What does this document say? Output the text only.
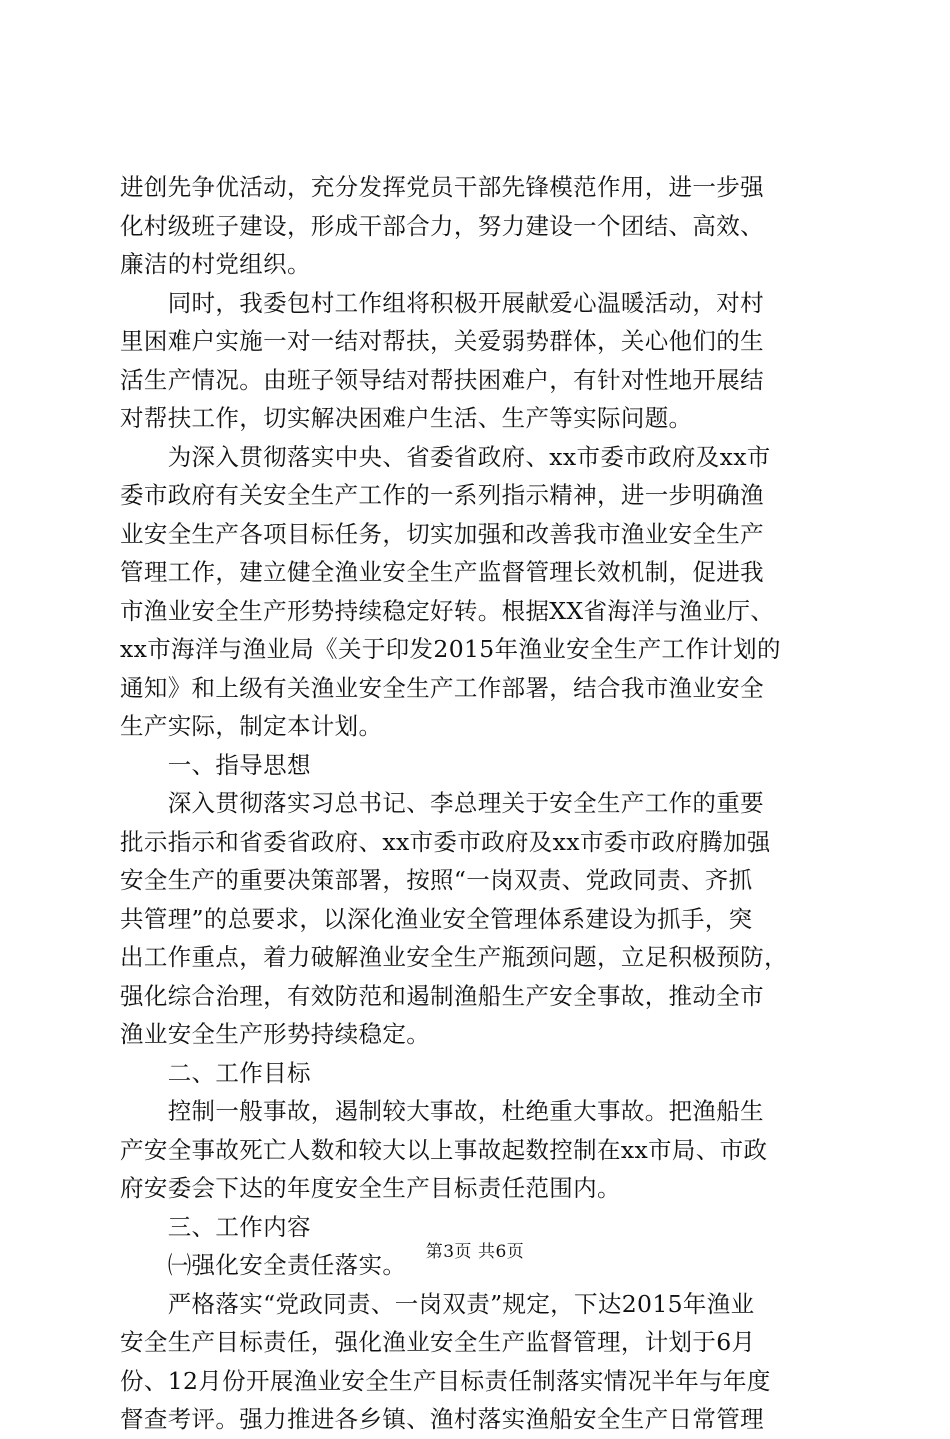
进创先争优活动，充分发挥党员干部先锋模范作用，进一步强
化村级班子建设，形成干部合力，努力建设一个团结、高效、
廉洁的村党组织。
　　同时，我委包村工作组将积极开展献爱心温暖活动，对村
里困难户实施一对一结对帮扶，关爱弱势群体，关心他们的生
活生产情况。由班子领导结对帮扶困难户，有针对性地开展结
对帮扶工作，切实解决困难户生活、生产等实际问题。
　　为深入贯彻落实中央、省委省政府、xx市委市政府及xx市
委市政府有关安全生产工作的一系列指示精神，进一步明确渔
业安全生产各项目标任务，切实加强和改善我市渔业安全生产
管理工作，建立健全渔业安全生产监督管理长效机制，促进我
市渔业安全生产形势持续稳定好转。根据XX省海洋与渔业厅、
xx市海洋与渔业局《关于印发2015年渔业安全生产工作计划的
通知》和上级有关渔业安全生产工作部署，结合我市渔业安全
生产实际，制定本计划。
　　一、指导思想
　　深入贯彻落实习总书记、李总理关于安全生产工作的重要
批示指示和省委省政府、xx市委市政府及xx市委市政府腾加强
安全生产的重要决策部署，按照“一岗双责、党政同责、齐抓
共管理”的总要求，以深化渔业安全管理体系建设为抓手，突
出工作重点，着力破解渔业安全生产瓶颈问题，立足积极预防，
强化综合治理，有效防范和遏制渔船生产安全事故，推动全市
渔业安全生产形势持续稳定。
　　二、工作目标
　　控制一般事故，遏制较大事故，杜绝重大事故。把渔船生
产安全事故死亡人数和较大以上事故起数控制在xx市局、市政
府安委会下达的年度安全生产目标责任范围内。
　　三、工作内容
　　㈠强化安全责任落实。
　　严格落实“党政同责、一岗双责”规定，下达2015年渔业
安全生产目标责任，强化渔业安全生产监督管理，计划于6月
份、12月份开展渔业安全生产目标责任制落实情况半年与年度
督查考评。强力推进各乡镇、渔村落实渔船安全生产日常管理
第3页 共6页
